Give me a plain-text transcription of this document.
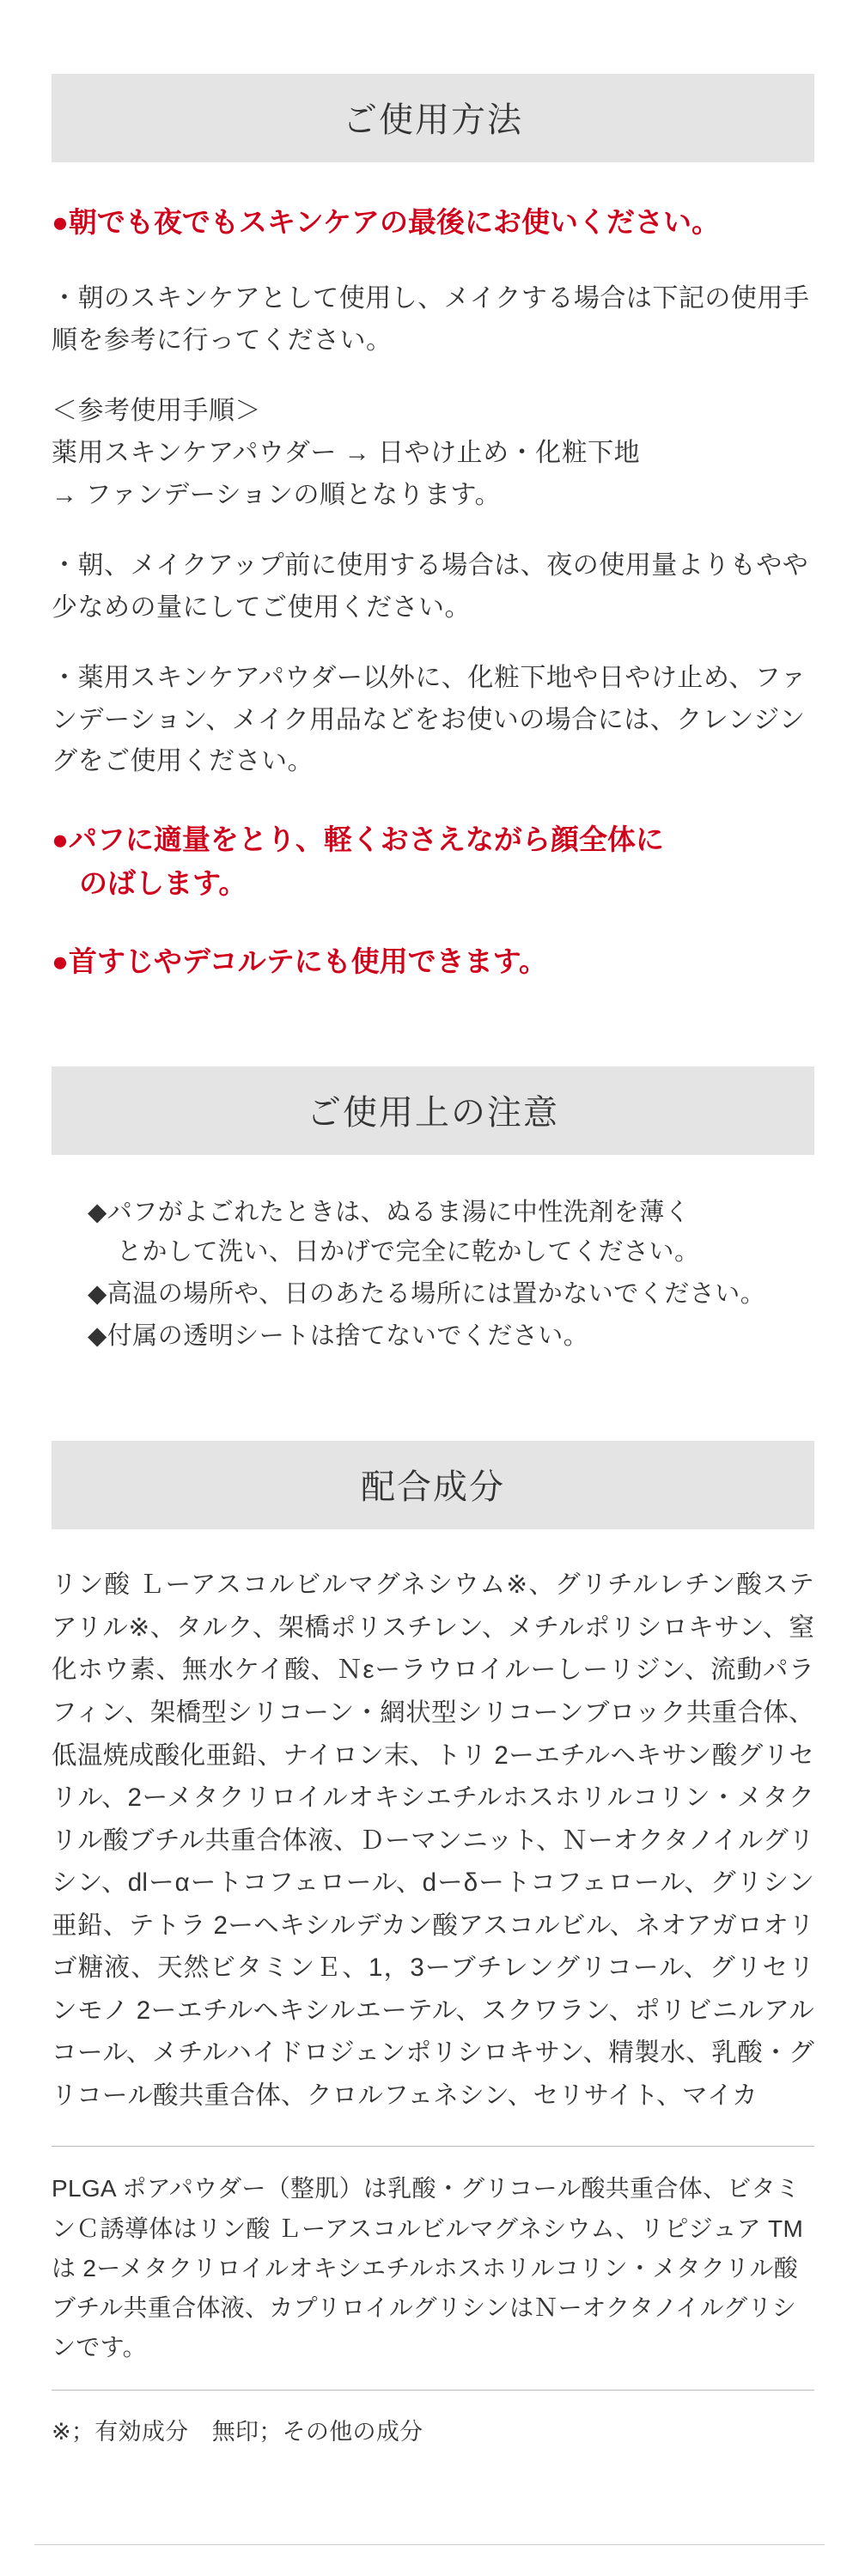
ご使用方法

●朝でも夜でもスキンケアの最後にお使いください。

・朝のスキンケアとして使用し、メイクする場合は下記の使用手順を参考に行ってください。

＜参考使用手順＞

薬用スキンケアパウダー → 日やけ止め・化粧下地

→ ファンデーションの順となります。

・朝、メイクアップ前に使用する場合は、夜の使用量よりもやや少なめの量にしてご使用ください。

・薬用スキンケアパウダー以外に、化粧下地や日やけ止め、ファンデーション、メイク用品などをお使いの場合には、クレンジングをご使用ください。

●パフに適量をとり、軽くおさえながら顔全体に
のばします。

●首すじやデコルテにも使用できます。

ご使用上の注意

◆パフがよごれたときは、ぬるま湯に中性洗剤を薄く
とかして洗い、日かげで完全に乾かしてください。

◆高温の場所や、日のあたる場所には置かないでください。

◆付属の透明シートは捨てないでください。

配合成分

リン酸 Ｌーアスコルビルマグネシウム※、グリチルレチン酸ステアリル※、タルク、架橋ポリスチレン、メチルポリシロキサン、窒化ホウ素、無水ケイ酸、Ｎεーラウロイルーしーリジン、流動パラフィン、架橋型シリコーン・網状型シリコーンブロック共重合体、低温焼成酸化亜鉛、ナイロン末、トリ 2ーエチルヘキサン酸グリセリル、2ーメタクリロイルオキシエチルホスホリルコリン・メタクリル酸ブチル共重合体液、Ｄーマンニット、Ｎーオクタノイルグリシン、dlーαートコフェロール、dーδートコフェロール、グリシン亜鉛、テトラ 2ーヘキシルデカン酸アスコルビル、ネオアガロオリゴ糖液、天然ビタミンＥ、1，3ーブチレングリコール、グリセリンモノ 2ーエチルヘキシルエーテル、スクワラン、ポリビニルアルコール、メチルハイドロジェンポリシロキサン、精製水、乳酸・グリコール酸共重合体、クロルフェネシン、セリサイト、マイカ

PLGA ポアパウダー（整肌）は乳酸・グリコール酸共重合体、ビタミンＣ誘導体はリン酸 Ｌーアスコルビルマグネシウム、リピジュア TM は 2ーメタクリロイルオキシエチルホスホリルコリン・メタクリル酸ブチル共重合体液、カプリロイルグリシンはＮーオクタノイルグリシンです。

※；有効成分　無印；その他の成分
